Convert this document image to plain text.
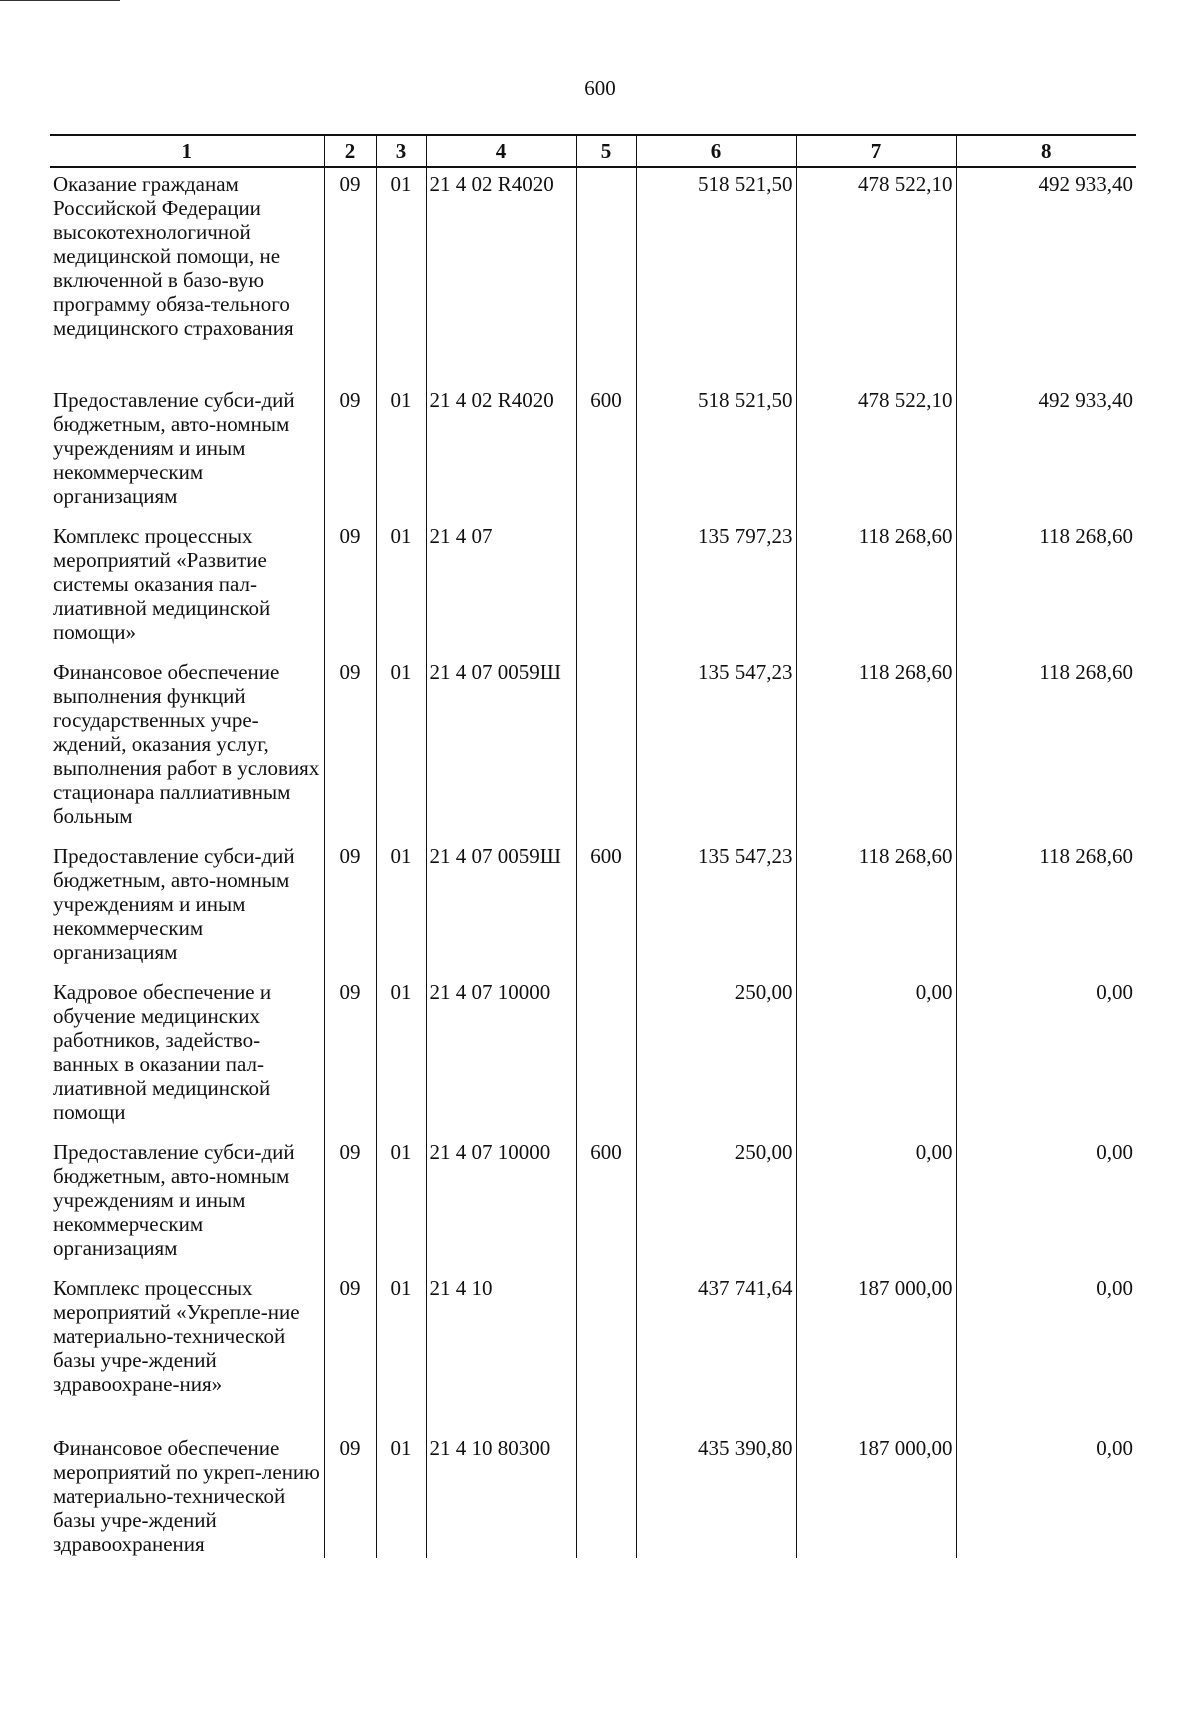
600
1	2	3	4	5	6	7	8
Оказание гражданам Российской Федерации высокотехнологичной медицинской помощи, не включенной в базо-вую программу обяза-тельного медицинского страхования	09	01	21 4 02 R4020		518 521,50	478 522,10	492 933,40
Предоставление субси-дий бюджетным, авто-номным учреждениям и иным некоммерческим организациям	09	01	21 4 02 R4020	600	518 521,50	478 522,10	492 933,40
Комплекс процессных мероприятий «Развитие системы оказания пал-лиативной медицинской помощи»	09	01	21 4 07		135 797,23	118 268,60	118 268,60
Финансовое обеспечение выполнения функций государственных учре-ждений, оказания услуг, выполнения работ в условиях стационара паллиативным больным	09	01	21 4 07 0059Ш		135 547,23	118 268,60	118 268,60
Предоставление субси-дий бюджетным, авто-номным учреждениям и иным некоммерческим организациям	09	01	21 4 07 0059Ш	600	135 547,23	118 268,60	118 268,60
Кадровое обеспечение и обучение медицинских работников, задейство-ванных в оказании пал-лиативной медицинской помощи	09	01	21 4 07 10000		250,00	0,00	0,00
Предоставление субси-дий бюджетным, авто-номным учреждениям и иным некоммерческим организациям	09	01	21 4 07 10000	600	250,00	0,00	0,00
Комплекс процессных мероприятий «Укрепле-ние материально-технической базы учре-ждений здравоохране-ния»	09	01	21 4 10		437 741,64	187 000,00	0,00
Финансовое обеспечение мероприятий по укреп-лению материально-технической базы учре-ждений здравоохранения	09	01	21 4 10 80300		435 390,80	187 000,00	0,00
